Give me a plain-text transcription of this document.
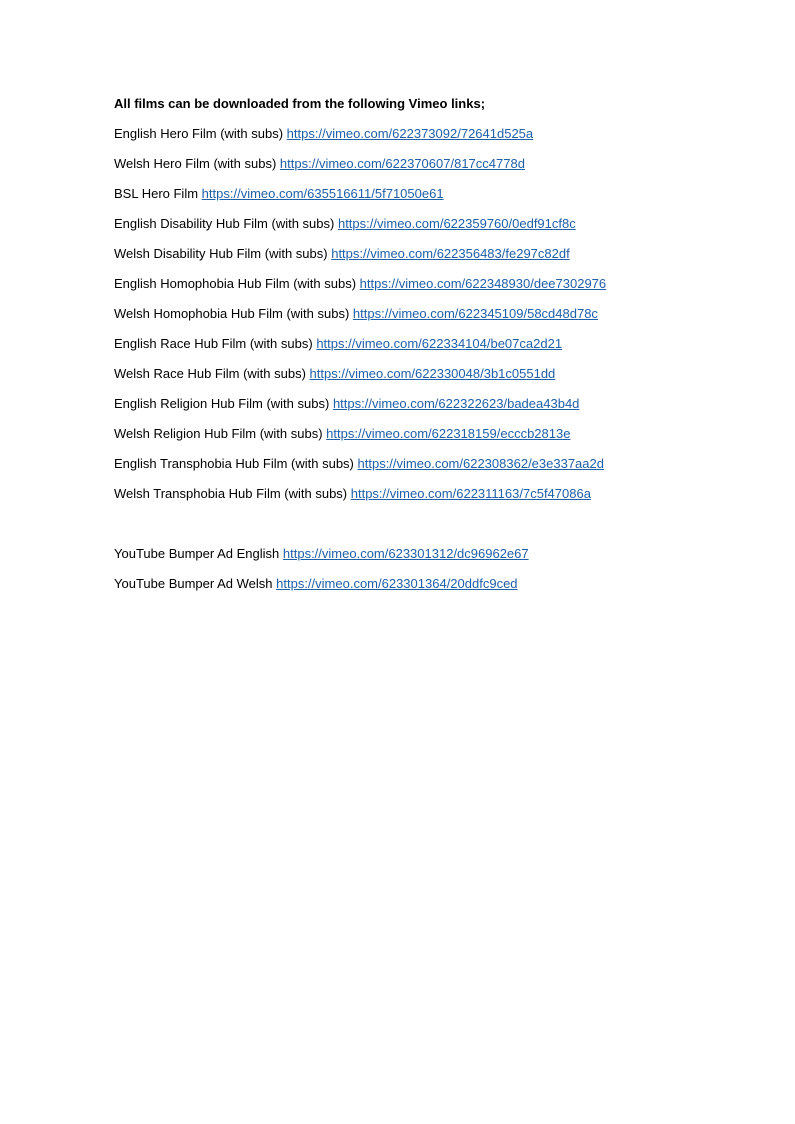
All films can be downloaded from the following Vimeo links;
English Hero Film (with subs) https://vimeo.com/622373092/72641d525a
Welsh Hero Film (with subs) https://vimeo.com/622370607/817cc4778d
BSL Hero Film https://vimeo.com/635516611/5f71050e61
English Disability Hub Film (with subs) https://vimeo.com/622359760/0edf91cf8c
Welsh Disability Hub Film (with subs) https://vimeo.com/622356483/fe297c82df
English Homophobia Hub Film (with subs) https://vimeo.com/622348930/dee7302976
Welsh Homophobia Hub Film (with subs) https://vimeo.com/622345109/58cd48d78c
English Race Hub Film (with subs) https://vimeo.com/622334104/be07ca2d21
Welsh Race Hub Film (with subs) https://vimeo.com/622330048/3b1c0551dd
English Religion Hub Film (with subs) https://vimeo.com/622322623/badea43b4d
Welsh Religion Hub Film (with subs) https://vimeo.com/622318159/ecccb2813e
English Transphobia Hub Film (with subs) https://vimeo.com/622308362/e3e337aa2d
Welsh Transphobia Hub Film (with subs) https://vimeo.com/622311163/7c5f47086a
YouTube Bumper Ad English https://vimeo.com/623301312/dc96962e67
YouTube Bumper Ad Welsh https://vimeo.com/623301364/20ddfc9ced
